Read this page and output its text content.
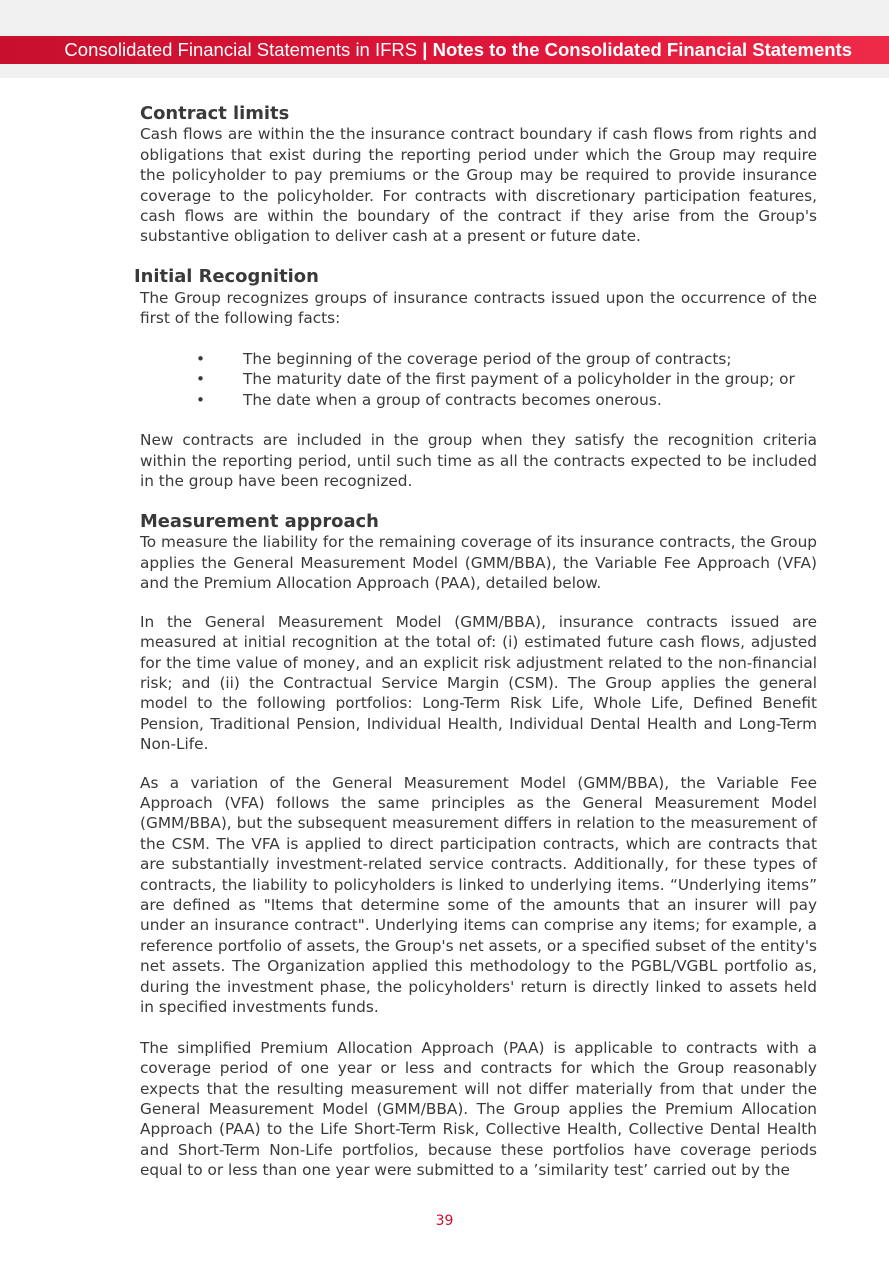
Consolidated Financial Statements in IFRS | Notes to the Consolidated Financial Statements
Contract limits

Cash flows are within the the insurance contract boundary if cash flows from rights and obligations that exist during the reporting period under which the Group may require the policyholder to pay premiums or the Group may be required to provide insurance coverage to the policyholder. For contracts with discretionary participation features, cash flows are within the boundary of the contract if they arise from the Group's substantive obligation to deliver cash at a present or future date.

Initial Recognition

The Group recognizes groups of insurance contracts issued upon the occurrence of the first of the following facts:

• The beginning of the coverage period of the group of contracts;
• The maturity date of the first payment of a policyholder in the group; or
• The date when a group of contracts becomes onerous.

New contracts are included in the group when they satisfy the recognition criteria within the reporting period, until such time as all the contracts expected to be included in the group have been recognized.

Measurement approach

To measure the liability for the remaining coverage of its insurance contracts, the Group applies the General Measurement Model (GMM/BBA), the Variable Fee Approach (VFA) and the Premium Allocation Approach (PAA), detailed below.

In the General Measurement Model (GMM/BBA), insurance contracts issued are measured at initial recognition at the total of: (i) estimated future cash flows, adjusted for the time value of money, and an explicit risk adjustment related to the non-financial risk; and (ii) the Contractual Service Margin (CSM). The Group applies the general model to the following portfolios: Long-Term Risk Life, Whole Life, Defined Benefit Pension, Traditional Pension, Individual Health, Individual Dental Health and Long-Term Non-Life.

As a variation of the General Measurement Model (GMM/BBA), the Variable Fee Approach (VFA) follows the same principles as the General Measurement Model (GMM/BBA), but the subsequent measurement differs in relation to the measurement of the CSM. The VFA is applied to direct participation contracts, which are contracts that are substantially investment-related service contracts. Additionally, for these types of contracts, the liability to policyholders is linked to underlying items. “Underlying items” are defined as "Items that determine some of the amounts that an insurer will pay under an insurance contract". Underlying items can comprise any items; for example, a reference portfolio of assets, the Group's net assets, or a specified subset of the entity's net assets. The Organization applied this methodology to the PGBL/VGBL portfolio as, during the investment phase, the policyholders' return is directly linked to assets held in specified investments funds.

The simplified Premium Allocation Approach (PAA) is applicable to contracts with a coverage period of one year or less and contracts for which the Group reasonably expects that the resulting measurement will not differ materially from that under the General Measurement Model (GMM/BBA). The Group applies the Premium Allocation Approach (PAA) to the Life Short-Term Risk, Collective Health, Collective Dental Health and Short-Term Non-Life portfolios, because these portfolios have coverage periods equal to or less than one year were submitted to a ’similarity test’ carried out by the

39
